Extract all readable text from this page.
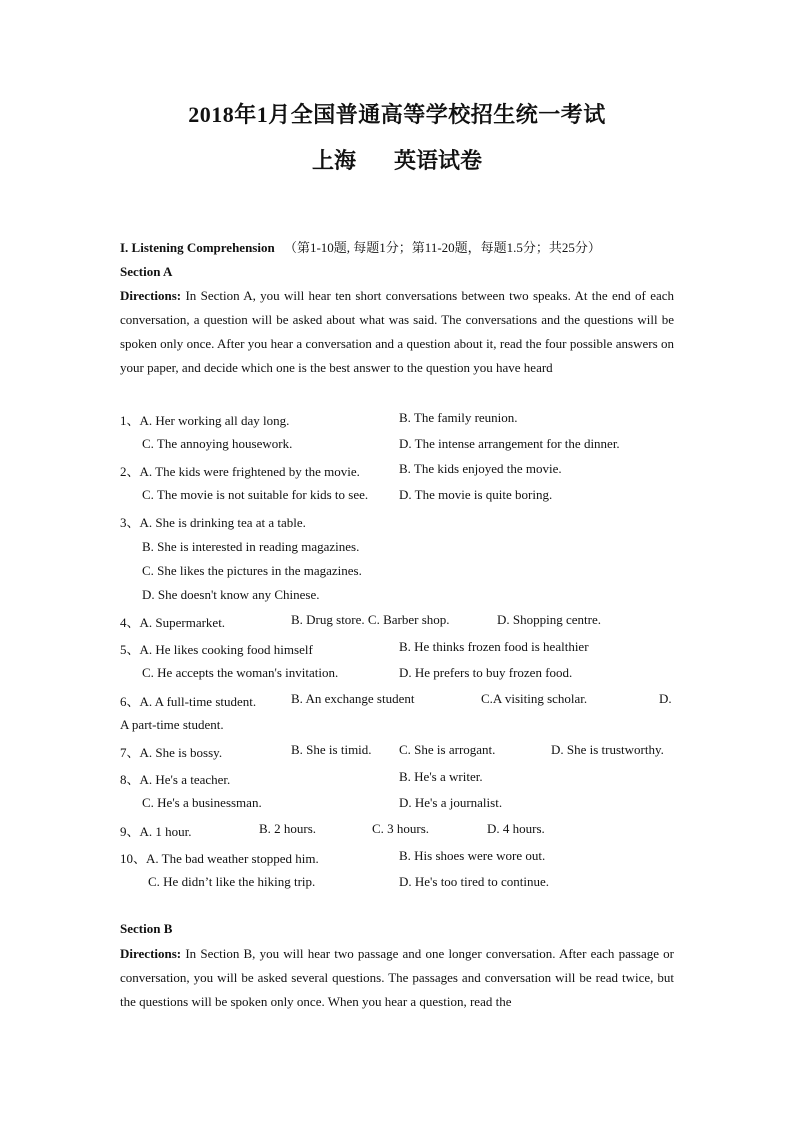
2018年1月全国普通高等学校招生统一考试
上海 英语试卷
I. Listening Comprehension （第1-10题, 每题1分；第11-20题，每题1.5分；共25分）
Section A
Directions: In Section A, you will hear ten short conversations between two speaks. At the end of each conversation, a question will be asked about what was said. The conversations and the questions will be spoken only once. After you hear a conversation and a question about it, read the four possible answers on your paper, and decide which one is the best answer to the question you have heard
1、A. Her working all day long.	B. The family reunion.
C. The annoying housework.	D. The intense arrangement for the dinner.
2、A. The kids were frightened by the movie.	B. The kids enjoyed the movie.
C. The movie is not suitable for kids to see. D. The movie is quite boring.
3、A. She is drinking tea at a table.
B. She is interested in reading magazines.
C. She likes the pictures in the magazines.
D. She doesn't know any Chinese.
4、A. Supermarket.	B. Drug store. C. Barber shop.	D. Shopping centre.
5、A. He likes cooking food himself	B. He thinks frozen food is healthier
C. He accepts the woman's invitation.	D. He prefers to buy frozen food.
6、A. A full-time student.	B. An exchange student	C.A visiting scholar.	D.
A part-time student.
7、A. She is bossy.	B. She is timid. C. She is arrogant.	D. She is trustworthy.
8、A. He's a teacher.	B. He's a writer.
C. He's a businessman.	D. He's a journalist.
9、A. 1 hour.	B. 2 hours.	C. 3 hours.	D. 4 hours.
10、A. The bad weather stopped him.	B. His shoes were wore out.
C. He didn’t like the hiking trip.	D. He's too tired to continue.
Section B
Directions: In Section B, you will hear two passage and one longer conversation. After each passage or conversation, you will be asked several questions. The passages and conversation will be read twice, but the questions will be spoken only once. When you hear a question, read the
